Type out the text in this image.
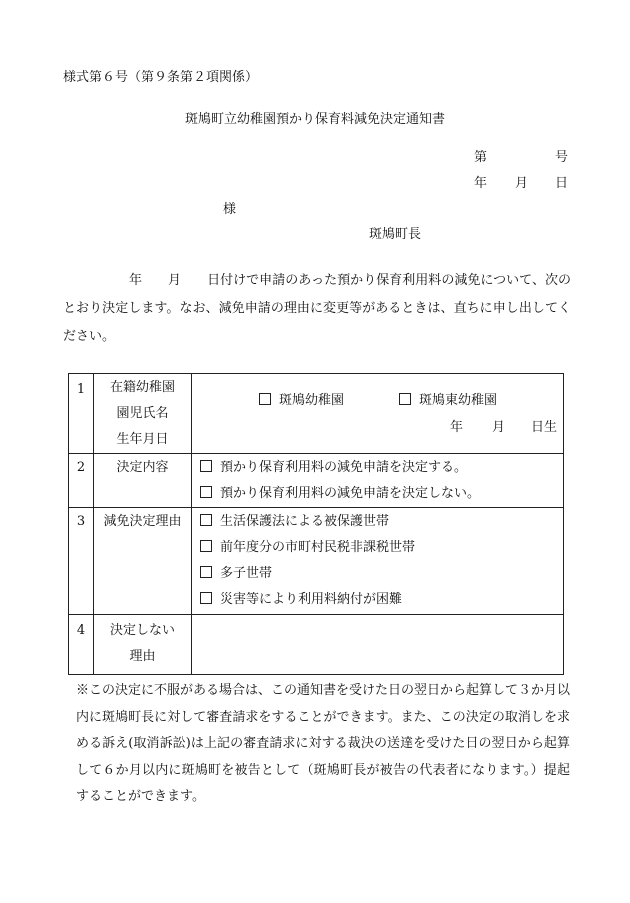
様式第６号（第９条第２項関係）
斑鳩町立幼稚園預かり保育料減免決定通知書
第	号
年 月 日
様
斑鳩町長
年 月 日付けで申請のあった預かり保育利用料の減免について、次のとおり決定します。なお、減免申請の理由に変更等があるときは、直ちに申し出してください。
1	在籍幼稚園
園児氏名
生年月日	斑鳩幼稚園 斑鳩東幼稚園
年 月 日生

2	決定内容	預かり保育利用料の減免申請を決定する。
預かり保育利用料の減免申請を決定しない。

3	減免決定理由	生活保護法による被保護世帯
前年度分の市町村民税非課税世帯
多子世帯
災害等により利用料納付が困難

4	決定しない
理由	

※この決定に不服がある場合は、この通知書を受けた日の翌日から起算して３か月以内に斑鳩町長に対して審査請求をすることができます。また、この決定の取消しを求める訴え(取消訴訟)は上記の審査請求に対する裁決の送達を受けた日の翌日から起算して６か月以内に斑鳩町を被告として（斑鳩町長が被告の代表者になります。）提起することができます。
